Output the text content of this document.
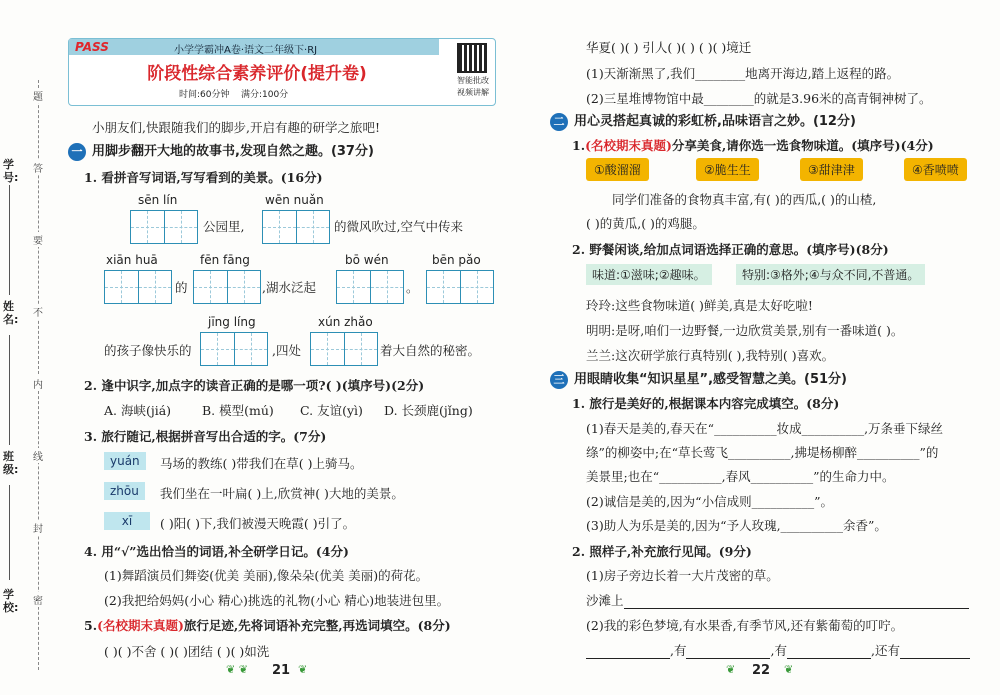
学号:
姓名:
班级:
学校:
题
答
要
不
内
线
封
密
PASS	小学学霸冲A卷·语文二年级下·RJ
阶段性综合素养评价(提升卷)
时间:60分钟 满分:100分
智能批改
视频讲解
小朋友们,快跟随我们的脚步,开启有趣的研学之旅吧!
一 用脚步翻开大地的故事书,发现自然之趣。(37分)
1. 看拼音写词语,写写看到的美景。(16分)
sēn lín
公园里,
wēn nuǎn
的微风吹过,空气中传来
xiān huā
的
fēn fāng
,湖水泛起
bō wén
。
bēn pǎo
的孩子像快乐的
jīng líng
,四处
xún zhǎo
着大自然的秘密。
2. 逢中识字,加点字的读音正确的是哪一项?( )(填序号)(2分)
A. 海峡(jiá) B. 模型(mú) C. 友谊(yì) D. 长颈鹿(jǐng)
3. 旅行随记,根据拼音写出合适的字。(7分)
yuán	马场的教练( )带我们在草( )上骑马。
zhōu	我们坐在一叶扁( )上,欣赏神( )大地的美景。
xī	( )阳( )下,我们被漫天晚霞( )引了。
4. 用“√”选出恰当的词语,补全研学日记。(4分)
(1)舞蹈演员们舞姿(优美 美丽),像朵朵(优美 美丽)的荷花。
(2)我把给妈妈(小心 精心)挑选的礼物(小心 精心)地装进包里。
5.(名校期末真题)旅行足迹,先将词语补充完整,再选词填空。(8分)
( )( )不舍 ( )( )团结 ( )( )如洗
❦ ❦ 21 ❦
华夏( )( ) 引人( )( ) ( )( )境迁
(1)天渐渐黑了,我们________地离开海边,踏上返程的路。
(2)三星堆博物馆中最________的就是3.96米的高青铜神树了。
二 用心灵搭起真诚的彩虹桥,品味语言之妙。(12分)
1.(名校期末真题)分享美食,请你选一选食物味道。(填序号)(4分)
①酸溜溜	②脆生生	③甜津津	④香喷喷
同学们准备的食物真丰富,有( )的西瓜,( )的山楂,
( )的黄瓜,( )的鸡腿。
2. 野餐闲谈,给加点词语选择正确的意思。(填序号)(8分)
味道:①滋味;②趣味。	特别:③格外;④与众不同,不普通。
玲玲:这些食物味道( )鲜美,真是太好吃啦!
明明:是呀,咱们一边野餐,一边欣赏美景,别有一番味道( )。
兰兰:这次研学旅行真特别( ),我特别( )喜欢。
三 用眼睛收集“知识星星”,感受智慧之美。(51分)
1. 旅行是美好的,根据课本内容完成填空。(8分)
(1)春天是美的,春天在“__________妆成__________,万条垂下绿丝
绦”的柳姿中;在“草长莺飞__________,拂堤杨柳醉__________”的
美景里;也在“__________,春风__________”的生命力中。
(2)诚信是美的,因为“小信成则__________”。
(3)助人为乐是美的,因为“予人玫瑰,__________余香”。
2. 照样子,补充旅行见闻。(9分)
(1)房子旁边长着一大片茂密的草。
沙滩上
(2)我的彩色梦境,有水果香,有季节风,还有紫葡萄的叮咛。
,有	,有	,还有
❦ 22 ❦
